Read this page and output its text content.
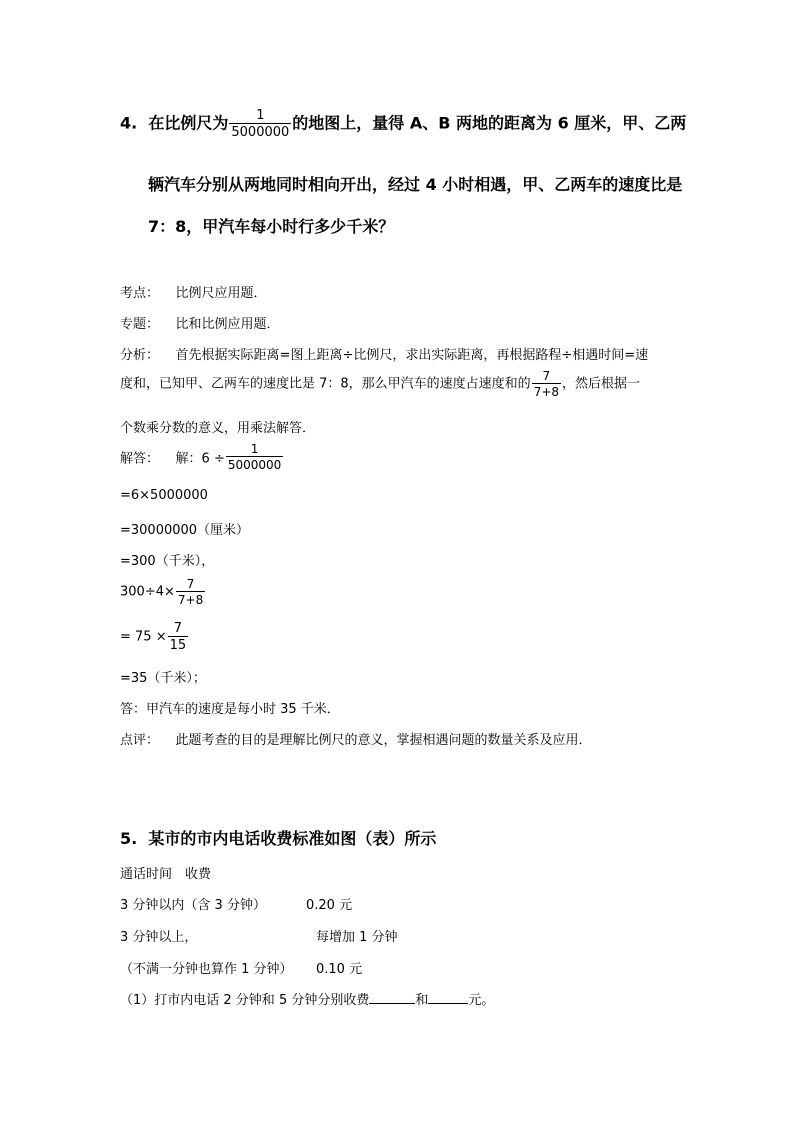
4. 在比例尺为 $\frac{1}{5000000}$ 的地图上，量得 A、B 两地的距离为 6 厘米，甲、乙两
辆汽车分别从两地同时相向开出，经过 4 小时相遇，甲、乙两车的速度比是
7：8，甲汽车每小时行多少千米？
考点： 比例尺应用题．
专题： 比和比例应用题．
分析： 首先根据实际距离=图上距离÷比例尺，求出实际距离，再根据路程÷相遇时间=速
度和，已知甲、乙两车的速度比是 7：8，那么甲汽车的速度占速度和的 $\frac{7}{7+8}$ ，然后根据一
个数乘分数的意义，用乘法解答．
解答： 解：$6 \div \frac{1}{5000000}$
=6×5000000
=30000000（厘米）
=300（千米），
$300\div 4\times \frac{7}{7+8}$
= $75 \times \frac{7}{15}$
=35（千米）；
答：甲汽车的速度是每小时 35 千米．
点评： 此题考查的目的是理解比例尺的意义，掌握相遇问题的数量关系及应用．
5. 某市的市内电话收费标准如图（表）所示
通话时间　收费
3 分钟以内（含 3 分钟）	0.20 元
3 分钟以上，	每增加 1 分钟
（不满一分钟也算作 1 分钟） 0.10 元
（1）打市内电话 2 分钟和 5 分钟分别收费	和	元。
